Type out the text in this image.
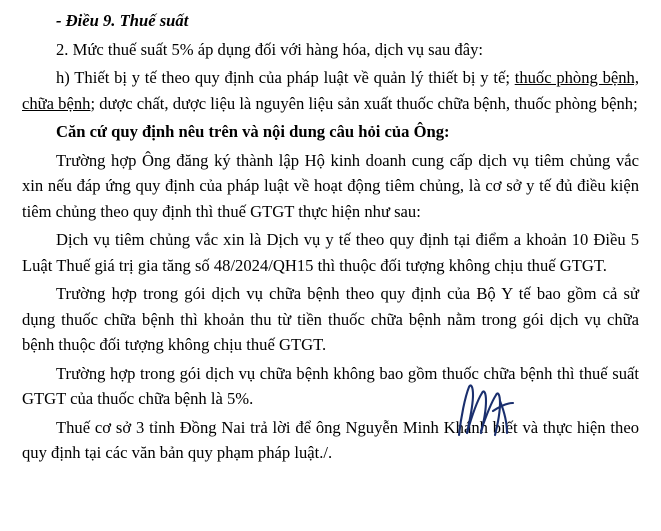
- Điều 9. Thuế suất

2. Mức thuế suất 5% áp dụng đối với hàng hóa, dịch vụ sau đây:

h) Thiết bị y tế theo quy định của pháp luật về quản lý thiết bị y tế; thuốc phòng bệnh, chữa bệnh; dược chất, dược liệu là nguyên liệu sản xuất thuốc chữa bệnh, thuốc phòng bệnh;

Căn cứ quy định nêu trên và nội dung câu hỏi của Ông:

Trường hợp Ông đăng ký thành lập Hộ kinh doanh cung cấp dịch vụ tiêm chủng vắc xin nếu đáp ứng quy định của pháp luật về hoạt động tiêm chủng, là cơ sở y tế đủ điều kiện tiêm chủng theo quy định thì thuế GTGT thực hiện như sau:

Dịch vụ tiêm chủng vắc xin là Dịch vụ y tế theo quy định tại điểm a khoản 10 Điều 5 Luật Thuế giá trị gia tăng số 48/2024/QH15 thì thuộc đối tượng không chịu thuế GTGT.

Trường hợp trong gói dịch vụ chữa bệnh theo quy định của Bộ Y tế bao gồm cả sử dụng thuốc chữa bệnh thì khoản thu từ tiền thuốc chữa bệnh nằm trong gói dịch vụ chữa bệnh thuộc đối tượng không chịu thuế GTGT.

Trường hợp trong gói dịch vụ chữa bệnh không bao gồm thuốc chữa bệnh thì thuế suất GTGT của thuốc chữa bệnh là 5%.

Thuế cơ sở 3 tỉnh Đồng Nai trả lời để ông Nguyễn Minh Khánh biết và thực hiện theo quy định tại các văn bản quy phạm pháp luật./.
